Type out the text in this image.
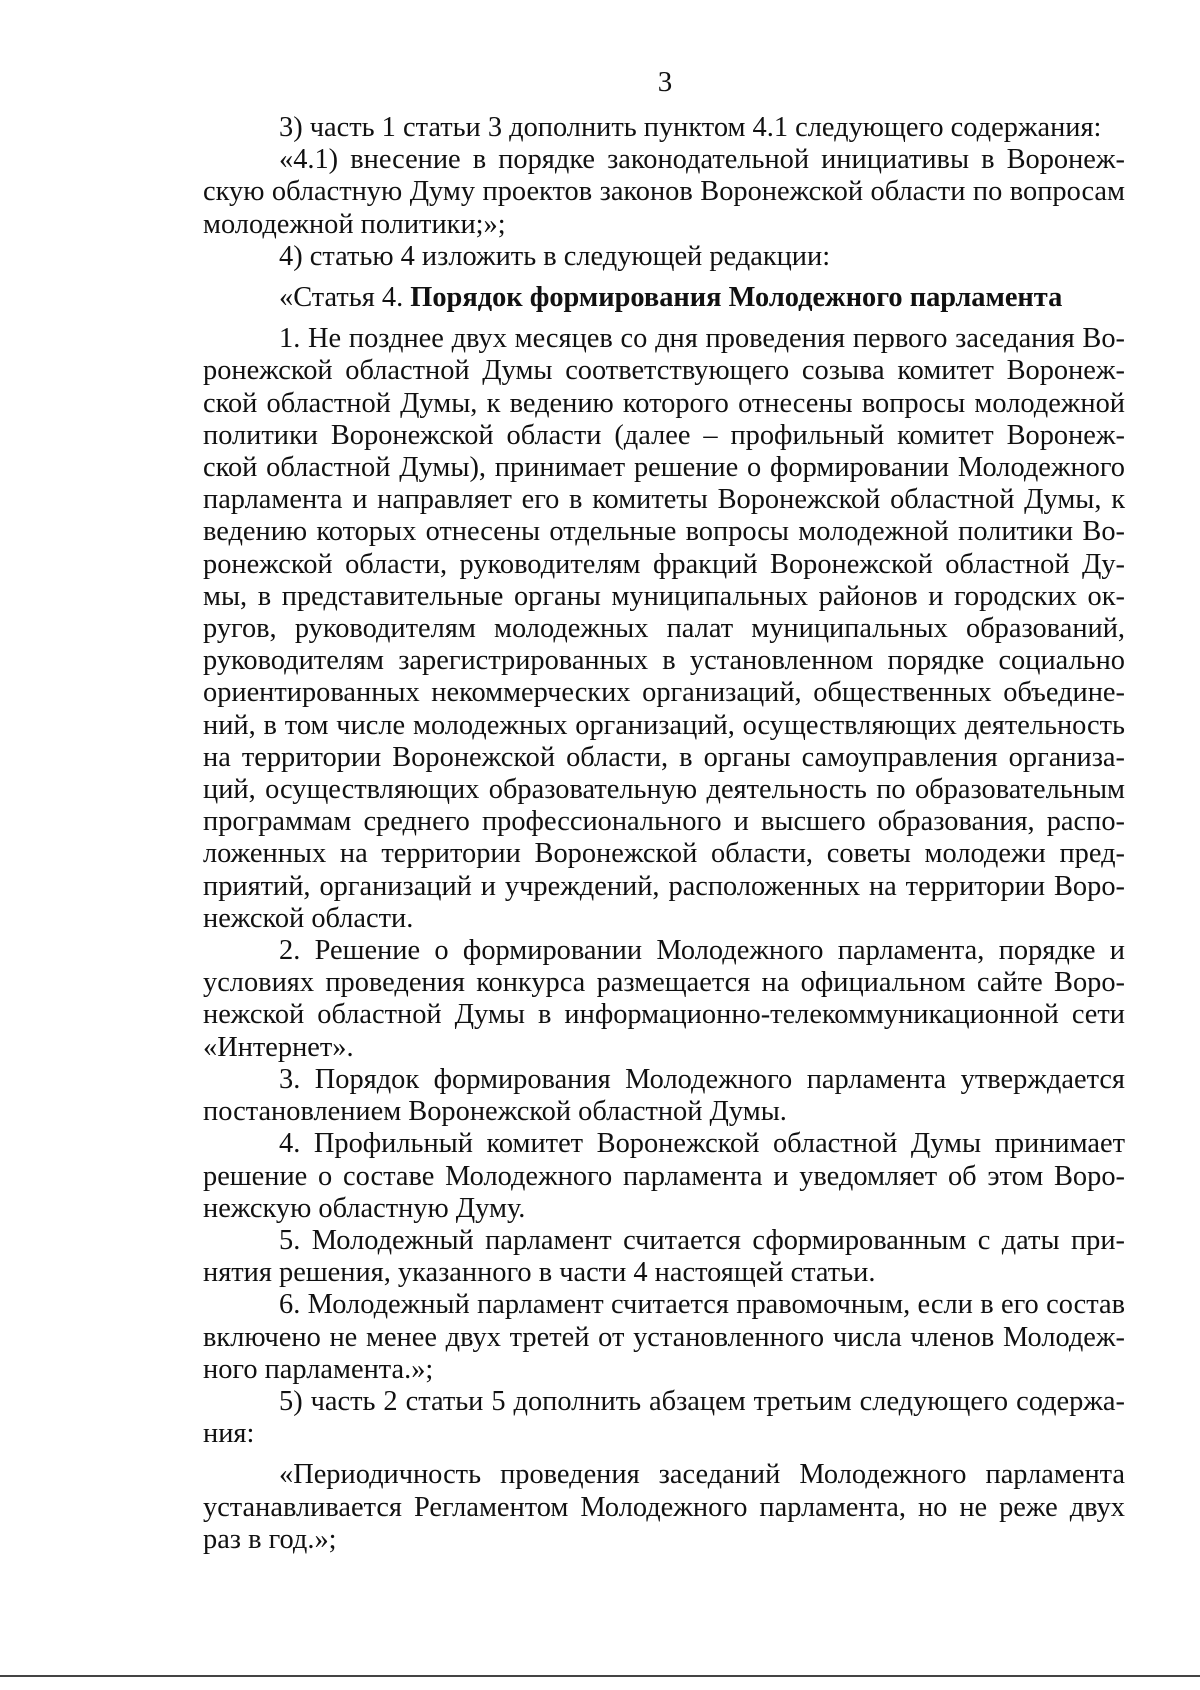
3

3) часть 1 статьи 3 дополнить пунктом 4.1 следующего содержания:

«4.1) внесение в порядке законодательной инициативы в Воронежскую областную Думу проектов законов Воронежской области по вопросам молодежной политики;»;

4) статью 4 изложить в следующей редакции:

«Статья 4. Порядок формирования Молодежного парламента

1. Не позднее двух месяцев со дня проведения первого заседания Воронежской областной Думы соответствующего созыва комитет Воронежской областной Думы, к ведению которого отнесены вопросы молодежной политики Воронежской области (далее – профильный комитет Воронежской областной Думы), принимает решение о формировании Молодежного парламента и направляет его в комитеты Воронежской областной Думы, к ведению которых отнесены отдельные вопросы молодежной политики Воронежской области, руководителям фракций Воронежской областной Думы, в представительные органы муниципальных районов и городских округов, руководителям молодежных палат муниципальных образований, руководителям зарегистрированных в установленном порядке социально ориентированных некоммерческих организаций, общественных объединений, в том числе молодежных организаций, осуществляющих деятельность на территории Воронежской области, в органы самоуправления организаций, осуществляющих образовательную деятельность по образовательным программам среднего профессионального и высшего образования, расположенных на территории Воронежской области, советы молодежи предприятий, организаций и учреждений, расположенных на территории Воронежской области.

2. Решение о формировании Молодежного парламента, порядке и условиях проведения конкурса размещается на официальном сайте Воронежской областной Думы в информационно-телекоммуникационной сети «Интернет».

3. Порядок формирования Молодежного парламента утверждается постановлением Воронежской областной Думы.

4. Профильный комитет Воронежской областной Думы принимает решение о составе Молодежного парламента и уведомляет об этом Воронежскую областную Думу.

5. Молодежный парламент считается сформированным с даты принятия решения, указанного в части 4 настоящей статьи.

6. Молодежный парламент считается правомочным, если в его состав включено не менее двух третей от установленного числа членов Молодежного парламента.»;

5) часть 2 статьи 5 дополнить абзацем третьим следующего содержания:

«Периодичность проведения заседаний Молодежного парламента устанавливается Регламентом Молодежного парламента, но не реже двух раз в год.»;
